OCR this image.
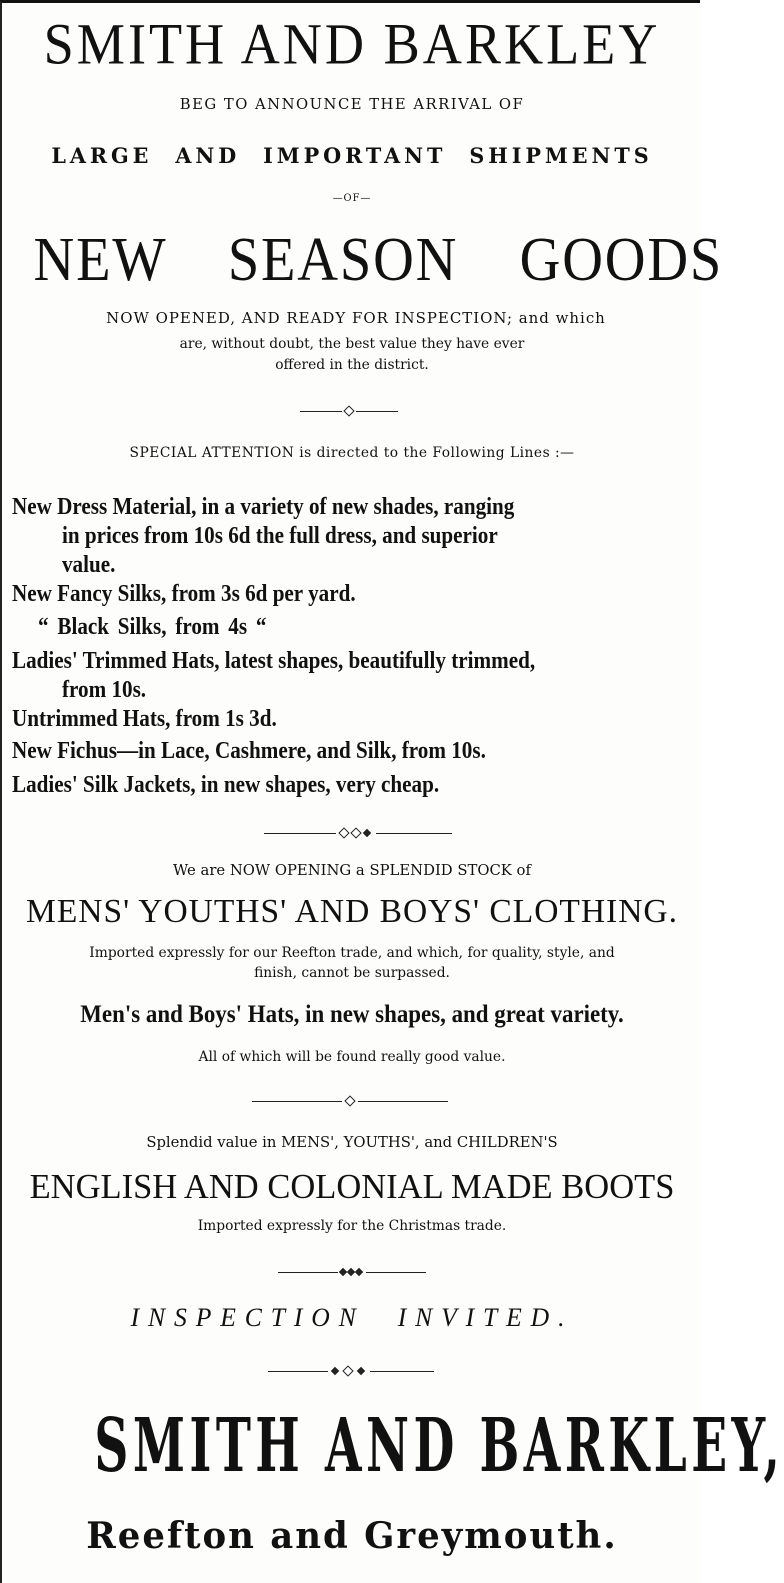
SMITH AND BARKLEY
BEG TO ANNOUNCE THE ARRIVAL OF
LARGE AND IMPORTANT SHIPMENTS
—OF—
NEW SEASON GOODS
NOW OPENED, AND READY FOR INSPECTION; and which
are, without doubt, the best value they have ever
offered in the district.
SPECIAL ATTENTION is directed to the Following Lines :—
New Dress Material, in a variety of new shades, ranging
in prices from 10s 6d the full dress, and superior
value.
New Fancy Silks, from 3s 6d per yard.
“ Black Silks, from 4s “
Ladies' Trimmed Hats, latest shapes, beautifully trimmed,
from 10s.
Untrimmed Hats, from 1s 3d.
New Fichus—in Lace, Cashmere, and Silk, from 10s.
Ladies' Silk Jackets, in new shapes, very cheap.
We are NOW OPENING a SPLENDID STOCK of
MENS' YOUTHS' AND BOYS' CLOTHING.
Imported expressly for our Reefton trade, and which, for quality, style, and
finish, cannot be surpassed.
Men's and Boys' Hats, in new shapes, and great variety.
All of which will be found really good value.
Splendid value in MENS', YOUTHS', and CHILDREN'S
ENGLISH AND COLONIAL MADE BOOTS
Imported expressly for the Christmas trade.
INSPECTION INVITED.
SMITH AND BARKLEY,
Reefton and Greymouth.
